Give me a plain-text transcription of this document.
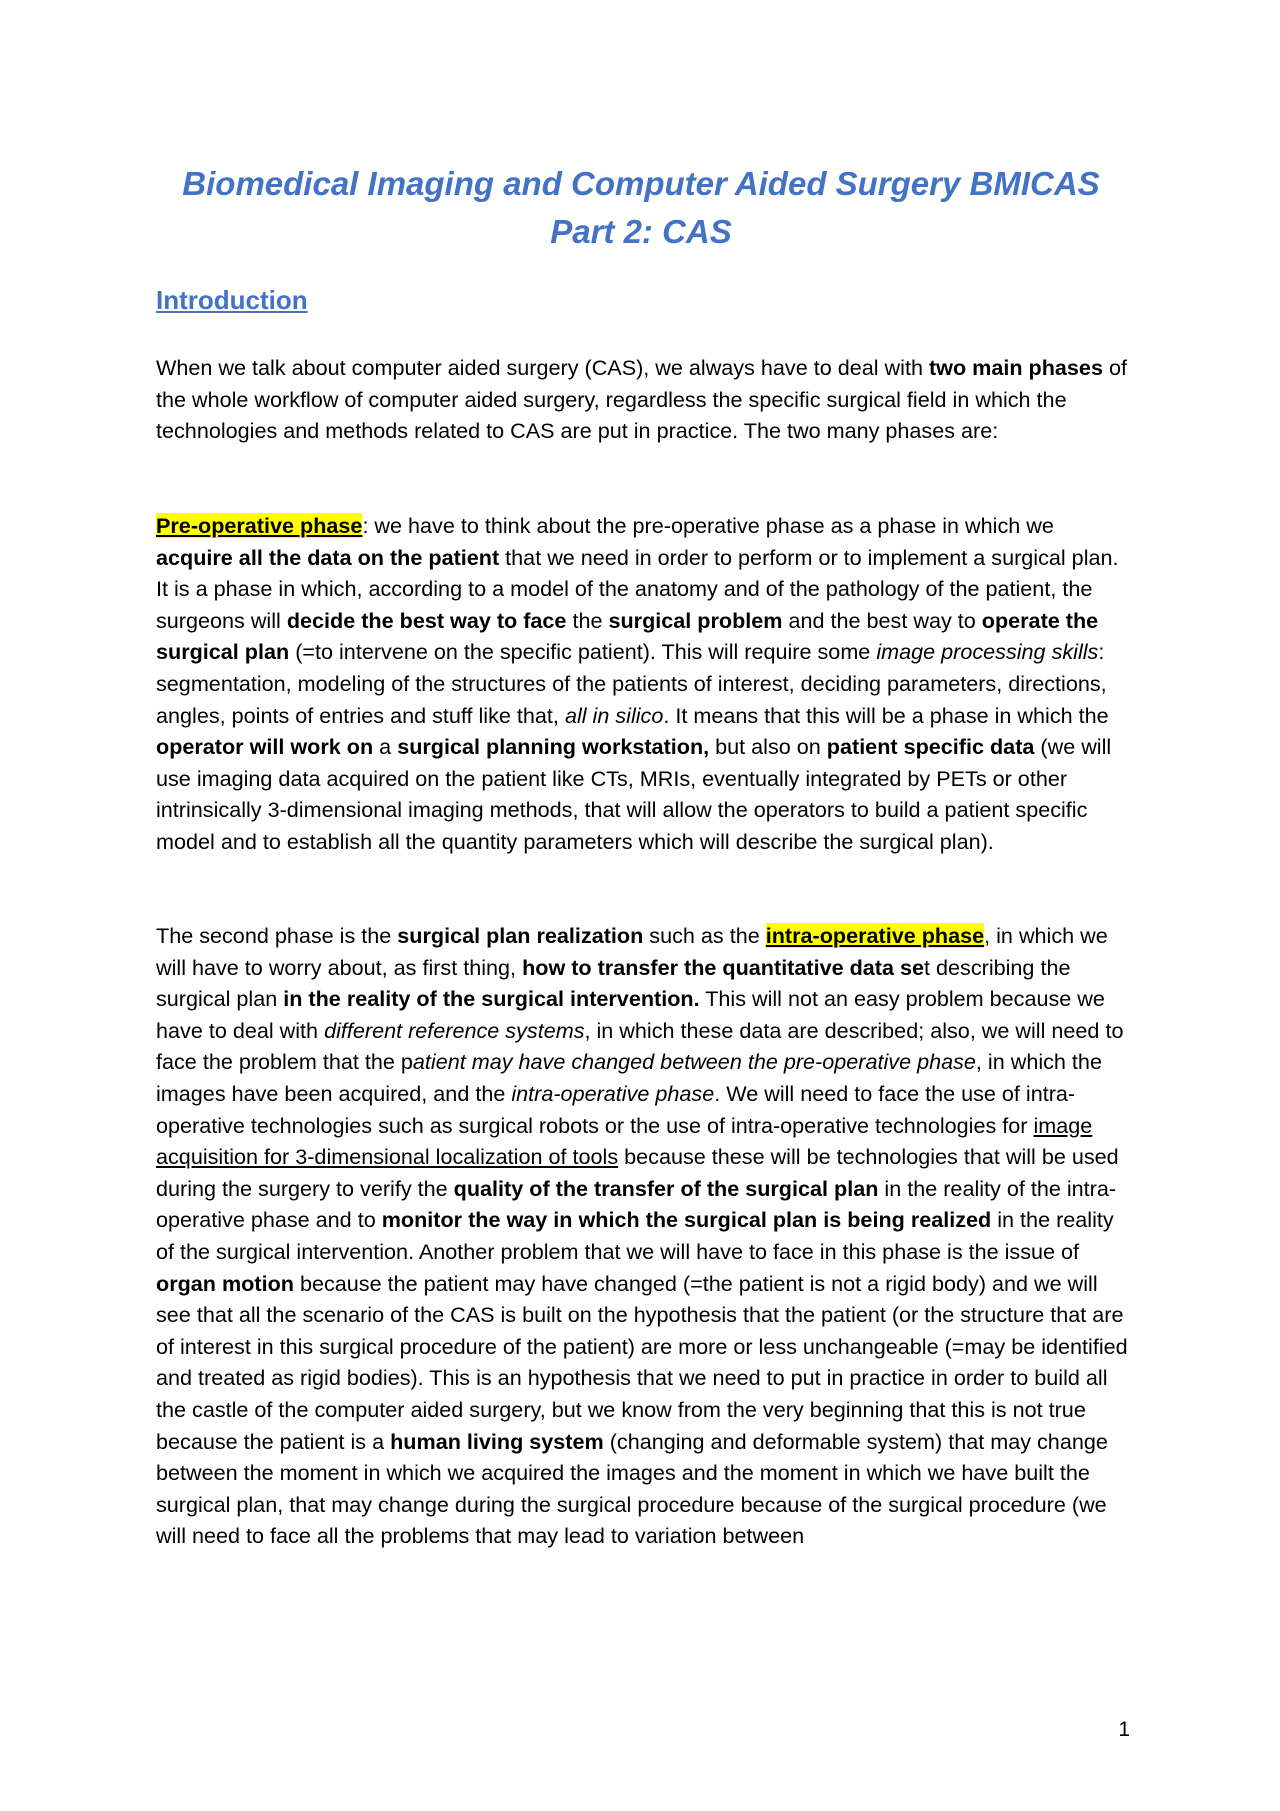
Biomedical Imaging and Computer Aided Surgery BMICAS
Part 2: CAS
Introduction

When we talk about computer aided surgery (CAS), we always have to deal with two main phases of the whole workflow of computer aided surgery, regardless the specific surgical field in which the technologies and methods related to CAS are put in practice. The two many phases are:

Pre-operative phase: we have to think about the pre-operative phase as a phase in which we acquire all the data on the patient that we need in order to perform or to implement a surgical plan. It is a phase in which, according to a model of the anatomy and of the pathology of the patient, the surgeons will decide the best way to face the surgical problem and the best way to operate the surgical plan (=to intervene on the specific patient). This will require some image processing skills: segmentation, modeling of the structures of the patients of interest, deciding parameters, directions, angles, points of entries and stuff like that, all in silico. It means that this will be a phase in which the operator will work on a surgical planning workstation, but also on patient specific data (we will use imaging data acquired on the patient like CTs, MRIs, eventually integrated by PETs or other intrinsically 3-dimensional imaging methods, that will allow the operators to build a patient specific model and to establish all the quantity parameters which will describe the surgical plan).

The second phase is the surgical plan realization such as the intra-operative phase, in which we will have to worry about, as first thing, how to transfer the quantitative data set describing the surgical plan in the reality of the surgical intervention. This will not an easy problem because we have to deal with different reference systems, in which these data are described; also, we will need to face the problem that the patient may have changed between the pre-operative phase, in which the images have been acquired, and the intra-operative phase. We will need to face the use of intra-operative technologies such as surgical robots or the use of intra-operative technologies for image acquisition for 3-dimensional localization of tools because these will be technologies that will be used during the surgery to verify the quality of the transfer of the surgical plan in the reality of the intra-operative phase and to monitor the way in which the surgical plan is being realized in the reality of the surgical intervention. Another problem that we will have to face in this phase is the issue of organ motion because the patient may have changed (=the patient is not a rigid body) and we will see that all the scenario of the CAS is built on the hypothesis that the patient (or the structure that are of interest in this surgical procedure of the patient) are more or less unchangeable (=may be identified and treated as rigid bodies). This is an hypothesis that we need to put in practice in order to build all the castle of the computer aided surgery, but we know from the very beginning that this is not true because the patient is a human living system (changing and deformable system) that may change between the moment in which we acquired the images and the moment in which we have built the surgical plan, that may change during the surgical procedure because of the surgical procedure (we will need to face all the problems that may lead to variation between

1
